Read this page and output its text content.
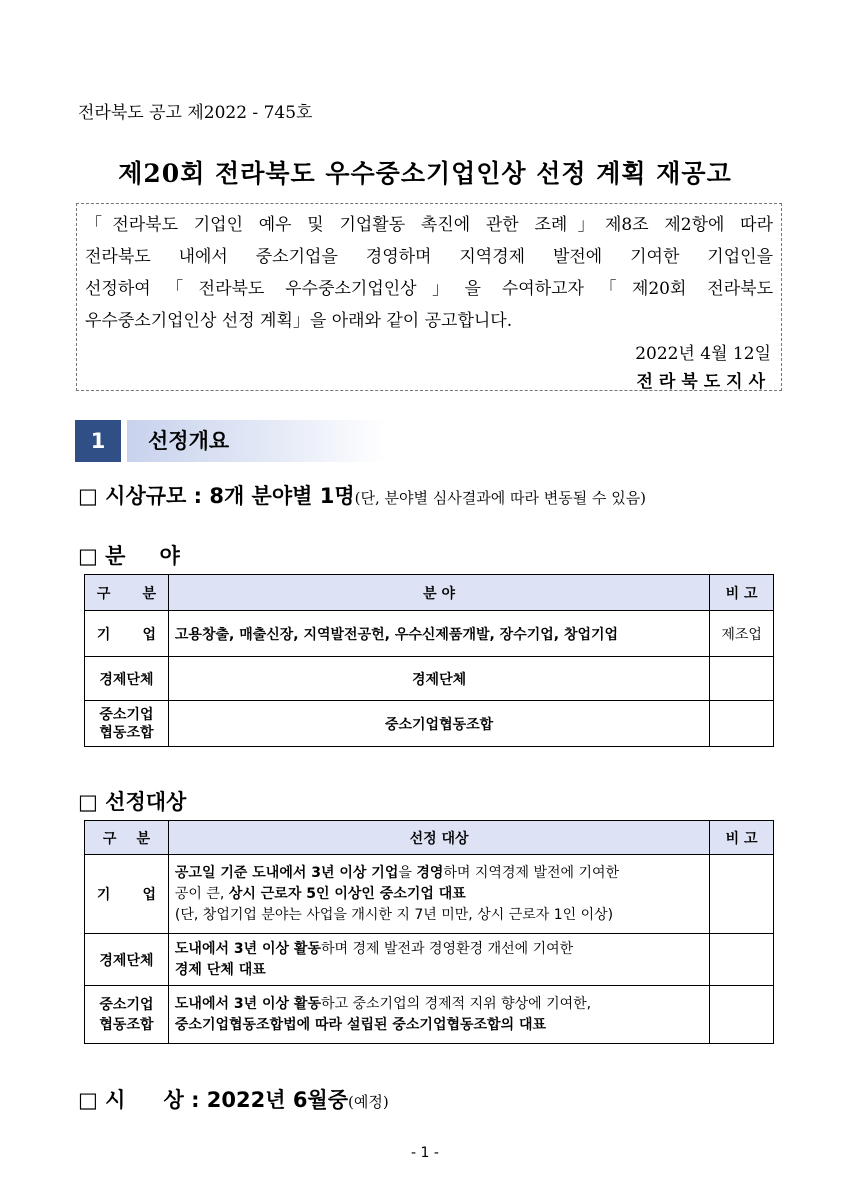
전라북도 공고 제2022 - 745호
제20회 전라북도 우수중소기업인상 선정 계획 재공고
「전라북도 기업인 예우 및 기업활동 촉진에 관한 조례」제8조 제2항에 따라
전라북도 내에서 중소기업을 경영하며 지역경제 발전에 기여한 기업인을
선정하여「전라북도 우수중소기업인상」을 수여하고자「제20회 전라북도
우수중소기업인상 선정 계획」을 아래와 같이 공고합니다.
2022년 4월 12일
전라북도지사
1	선정개요
□ 시상규모 : 8개 분야별 1명(단, 분야별 심사결과에 따라 변동될 수 있음)
□ 분 야
구 분	분 야	비 고
기 업	고용창출, 매출신장, 지역발전공헌, 우수신제품개발, 장수기업, 창업기업	제조업
경제단체	경제단체	
중소기업
협동조합	중소기업협동조합	
□ 선정대상
구 분	선정 대상	비 고
기 업	공고일 기준 도내에서 3년 이상 기업을 경영하며 지역경제 발전에 기여한
공이 큰, 상시 근로자 5인 이상인 중소기업 대표
(단, 창업기업 분야는 사업을 개시한 지 7년 미만, 상시 근로자 1인 이상)	
경제단체	도내에서 3년 이상 활동하며 경제 발전과 경영환경 개선에 기여한
경제 단체 대표	
중소기업
협동조합	도내에서 3년 이상 활동하고 중소기업의 경제적 지위 향상에 기여한,
중소기업협동조합법에 따라 설립된 중소기업협동조합의 대표	
□ 시 상 : 2022년 6월중(예정)
- 1 -
